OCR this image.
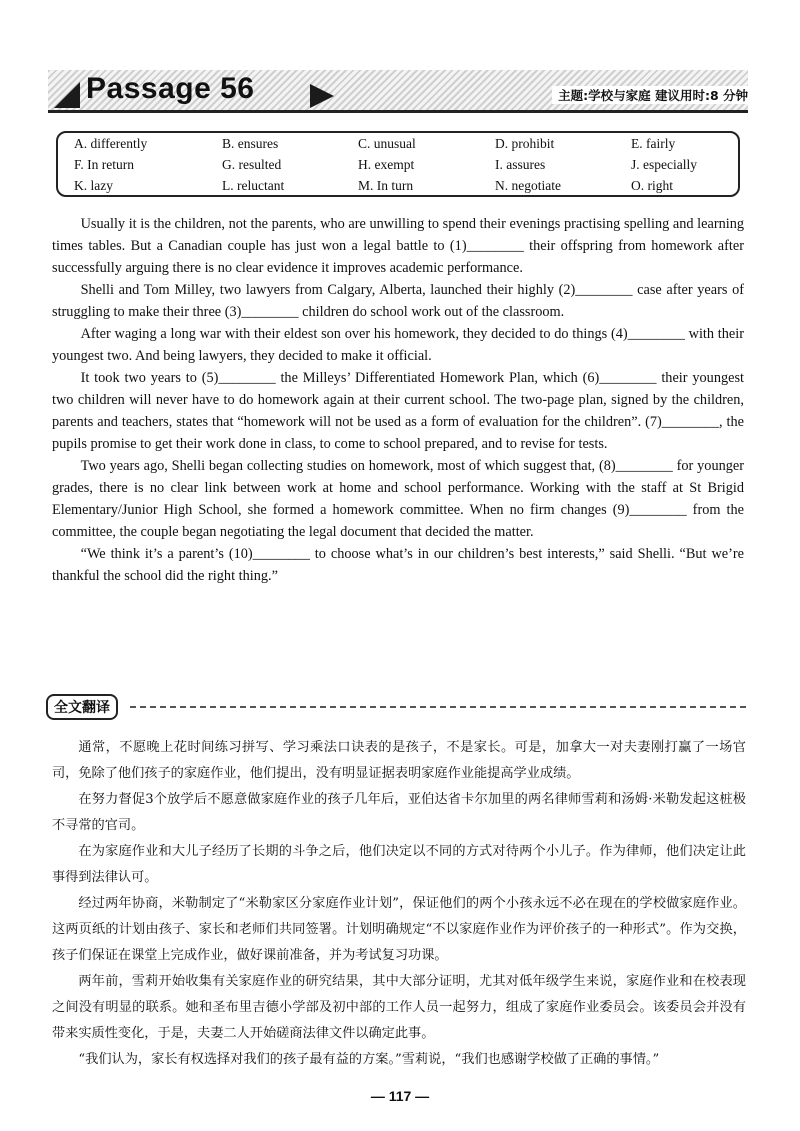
Passage 56	主题:学校与家庭 建议用时:8 分钟
A. differently	B. ensures	C. unusual	D. prohibit	E. fairly
F. In return	G. resulted	H. exempt	I. assures	J. especially
K. lazy	L. reluctant	M. In turn	N. negotiate	O. right

Usually it is the children, not the parents, who are unwilling to spend their evenings practising spelling and learning times tables. But a Canadian couple has just won a legal battle to (1)________ their offspring from homework after successfully arguing there is no clear evidence it improves academic performance.

Shelli and Tom Milley, two lawyers from Calgary, Alberta, launched their highly (2)________ case after years of struggling to make their three (3)________ children do school work out of the classroom.

After waging a long war with their eldest son over his homework, they decided to do things (4)________ with their youngest two. And being lawyers, they decided to make it official.

It took two years to (5)________ the Milleys’ Differentiated Homework Plan, which (6)________ their youngest two children will never have to do homework again at their current school. The two-page plan, signed by the children, parents and teachers, states that “homework will not be used as a form of evaluation for the children”. (7)________, the pupils promise to get their work done in class, to come to school prepared, and to revise for tests.

Two years ago, Shelli began collecting studies on homework, most of which suggest that, (8)________ for younger grades, there is no clear link between work at home and school performance. Working with the staff at St Brigid Elementary/Junior High School, she formed a homework committee. When no firm changes (9)________ from the committee, the couple began negotiating the legal document that decided the matter.

“We think it’s a parent’s (10)________ to choose what’s in our children’s best interests,” said Shelli. “But we’re thankful the school did the right thing.”

全文翻译

通常，不愿晚上花时间练习拼写、学习乘法口诀表的是孩子，不是家长。可是，加拿大一对夫妻刚打赢了一场官司，免除了他们孩子的家庭作业，他们提出，没有明显证据表明家庭作业能提高学业成绩。

在努力督促3个放学后不愿意做家庭作业的孩子几年后，亚伯达省卡尔加里的两名律师雪莉和汤姆·米勒发起这桩极不寻常的官司。

在为家庭作业和大儿子经历了长期的斗争之后，他们决定以不同的方式对待两个小儿子。作为律师，他们决定让此事得到法律认可。

经过两年协商，米勒制定了“米勒家区分家庭作业计划”，保证他们的两个小孩永远不必在现在的学校做家庭作业。这两页纸的计划由孩子、家长和老师们共同签署。计划明确规定“不以家庭作业作为评价孩子的一种形式”。作为交换，孩子们保证在课堂上完成作业，做好课前准备，并为考试复习功课。

两年前，雪莉开始收集有关家庭作业的研究结果，其中大部分证明，尤其对低年级学生来说，家庭作业和在校表现之间没有明显的联系。她和圣布里吉德小学部及初中部的工作人员一起努力，组成了家庭作业委员会。该委员会并没有带来实质性变化，于是，夫妻二人开始磋商法律文件以确定此事。

“我们认为，家长有权选择对我们的孩子最有益的方案。”雪莉说，“我们也感谢学校做了正确的事情。”

— 117 —
